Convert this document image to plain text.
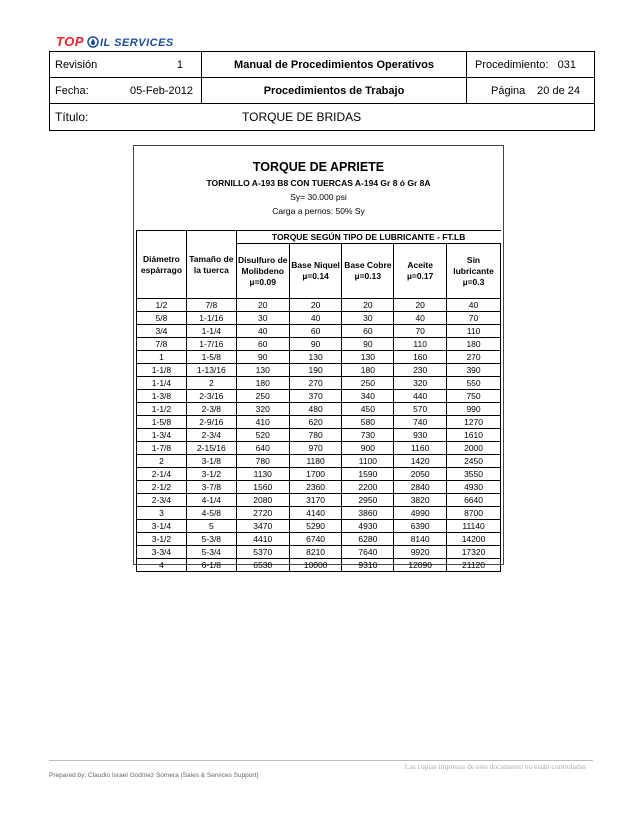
TOP IL SERVICES
Revisión	1	Manual de Procedimientos Operativos	Procedimiento: 031
Fecha:	05-Feb-2012	Procedimientos de Trabajo	Página 20 de 24
Título:	TORQUE DE BRIDAS
TORQUE DE APRIETE
TORNILLO A-193 B8 CON TUERCAS A-194 Gr 8 ó Gr 8A
Sy= 30.000 psi
Carga a pernos: 50% Sy
Diámetro espárrago	Tamaño de la tuerca	TORQUE SEGÚN TIPO DE LUBRICANTE - FT.LB				
		Disulfuro de Molibdeno µ=0.09	Base Niquel µ=0.14	Base Cobre µ=0.13	Aceite µ=0.17	Sin lubricante µ=0.3
1/2	7/8	20	20	20	20	40
5/8	1-1/16	30	40	30	40	70
3/4	1-1/4	40	60	60	70	110
7/8	1-7/16	60	90	90	110	180
1	1-5/8	90	130	130	160	270
1-1/8	1-13/16	130	190	180	230	390
1-1/4	2	180	270	250	320	550
1-3/8	2-3/16	250	370	340	440	750
1-1/2	2-3/8	320	480	450	570	990
1-5/8	2-9/16	410	620	580	740	1270
1-3/4	2-3/4	520	780	730	930	1610
1-7/8	2-15/16	640	970	900	1160	2000
2	3-1/8	780	1180	1100	1420	2450
2-1/4	3-1/2	1130	1700	1590	2050	3550
2-1/2	3-7/8	1560	2360	2200	2840	4930
2-3/4	4-1/4	2080	3170	2950	3820	6640
3	4-5/8	2720	4140	3860	4990	8700
3-1/4	5	3470	5290	4930	6390	11140
3-1/2	5-3/8	4410	6740	6280	8140	14200
3-3/4	5-3/4	5370	8210	7640	9920	17320
4	6-1/8	6530	10000	9310	12090	21120
Las copias impresas de este documento no están controladas
Prepared by: Claudio Israel Godínez Somera (Sales & Services Support)
